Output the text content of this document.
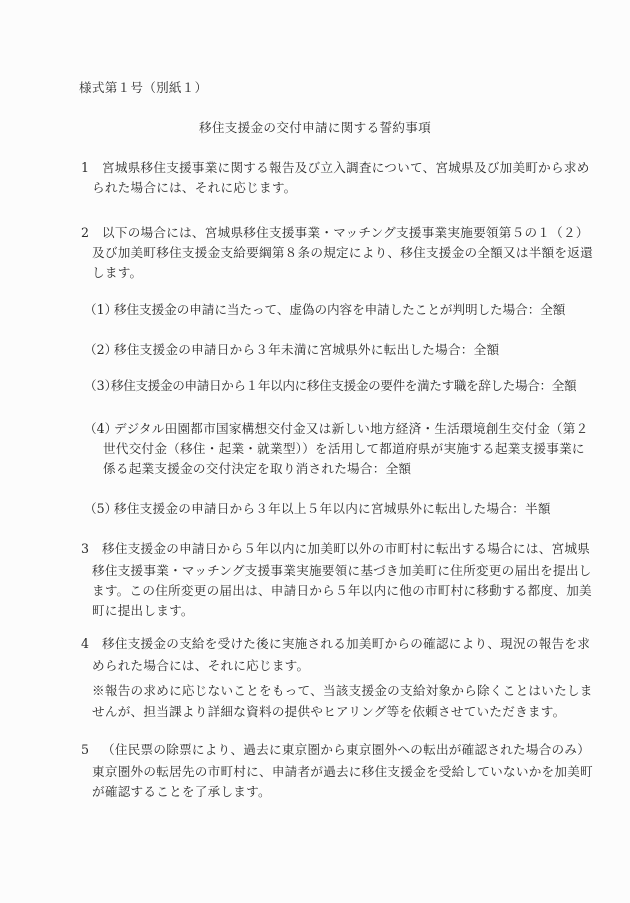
様式第１号（別紙１）
移住支援金の交付申請に関する誓約事項
1 宮城県移住支援事業に関する報告及び立入調査について、宮城県及び加美町から求め
られた場合には、それに応じます。
2 以下の場合には、宮城県移住支援事業・マッチング支援事業実施要領第５の１（２）
及び加美町移住支援金支給要綱第８条の規定により、移住支援金の全額又は半額を返還
します。
（1）
移住支援金の申請に当たって、虚偽の内容を申請したことが判明した場合：全額
（2）
移住支援金の申請日から３年未満に宮城県外に転出した場合：全額
（3）
移住支援金の申請日から１年以内に移住支援金の要件を満たす職を辞した場合：全額
（4）
デジタル田園都市国家構想交付金又は新しい地方経済・生活環境創生交付金（第２
世代交付金（移住・起業・就業型））を活用して都道府県が実施する起業支援事業に
係る起業支援金の交付決定を取り消された場合：全額
（5）
移住支援金の申請日から３年以上５年以内に宮城県外に転出した場合：半額
3 移住支援金の申請日から５年以内に加美町以外の市町村に転出する場合には、宮城県
移住支援事業・マッチング支援事業実施要領に基づき加美町に住所変更の届出を提出し
ます。この住所変更の届出は、申請日から５年以内に他の市町村に移動する都度、加美
町に提出します。
4 移住支援金の支給を受けた後に実施される加美町からの確認により、現況の報告を求
められた場合には、それに応じます。
※報告の求めに応じないことをもって、当該支援金の支給対象から除くことはいたしま
せんが、担当課より詳細な資料の提供やヒアリング等を依頼させていただきます。
5 （住民票の除票により、過去に東京圏から東京圏外への転出が確認された場合のみ）
東京圏外の転居先の市町村に、申請者が過去に移住支援金を受給していないかを加美町
が確認することを了承します。
